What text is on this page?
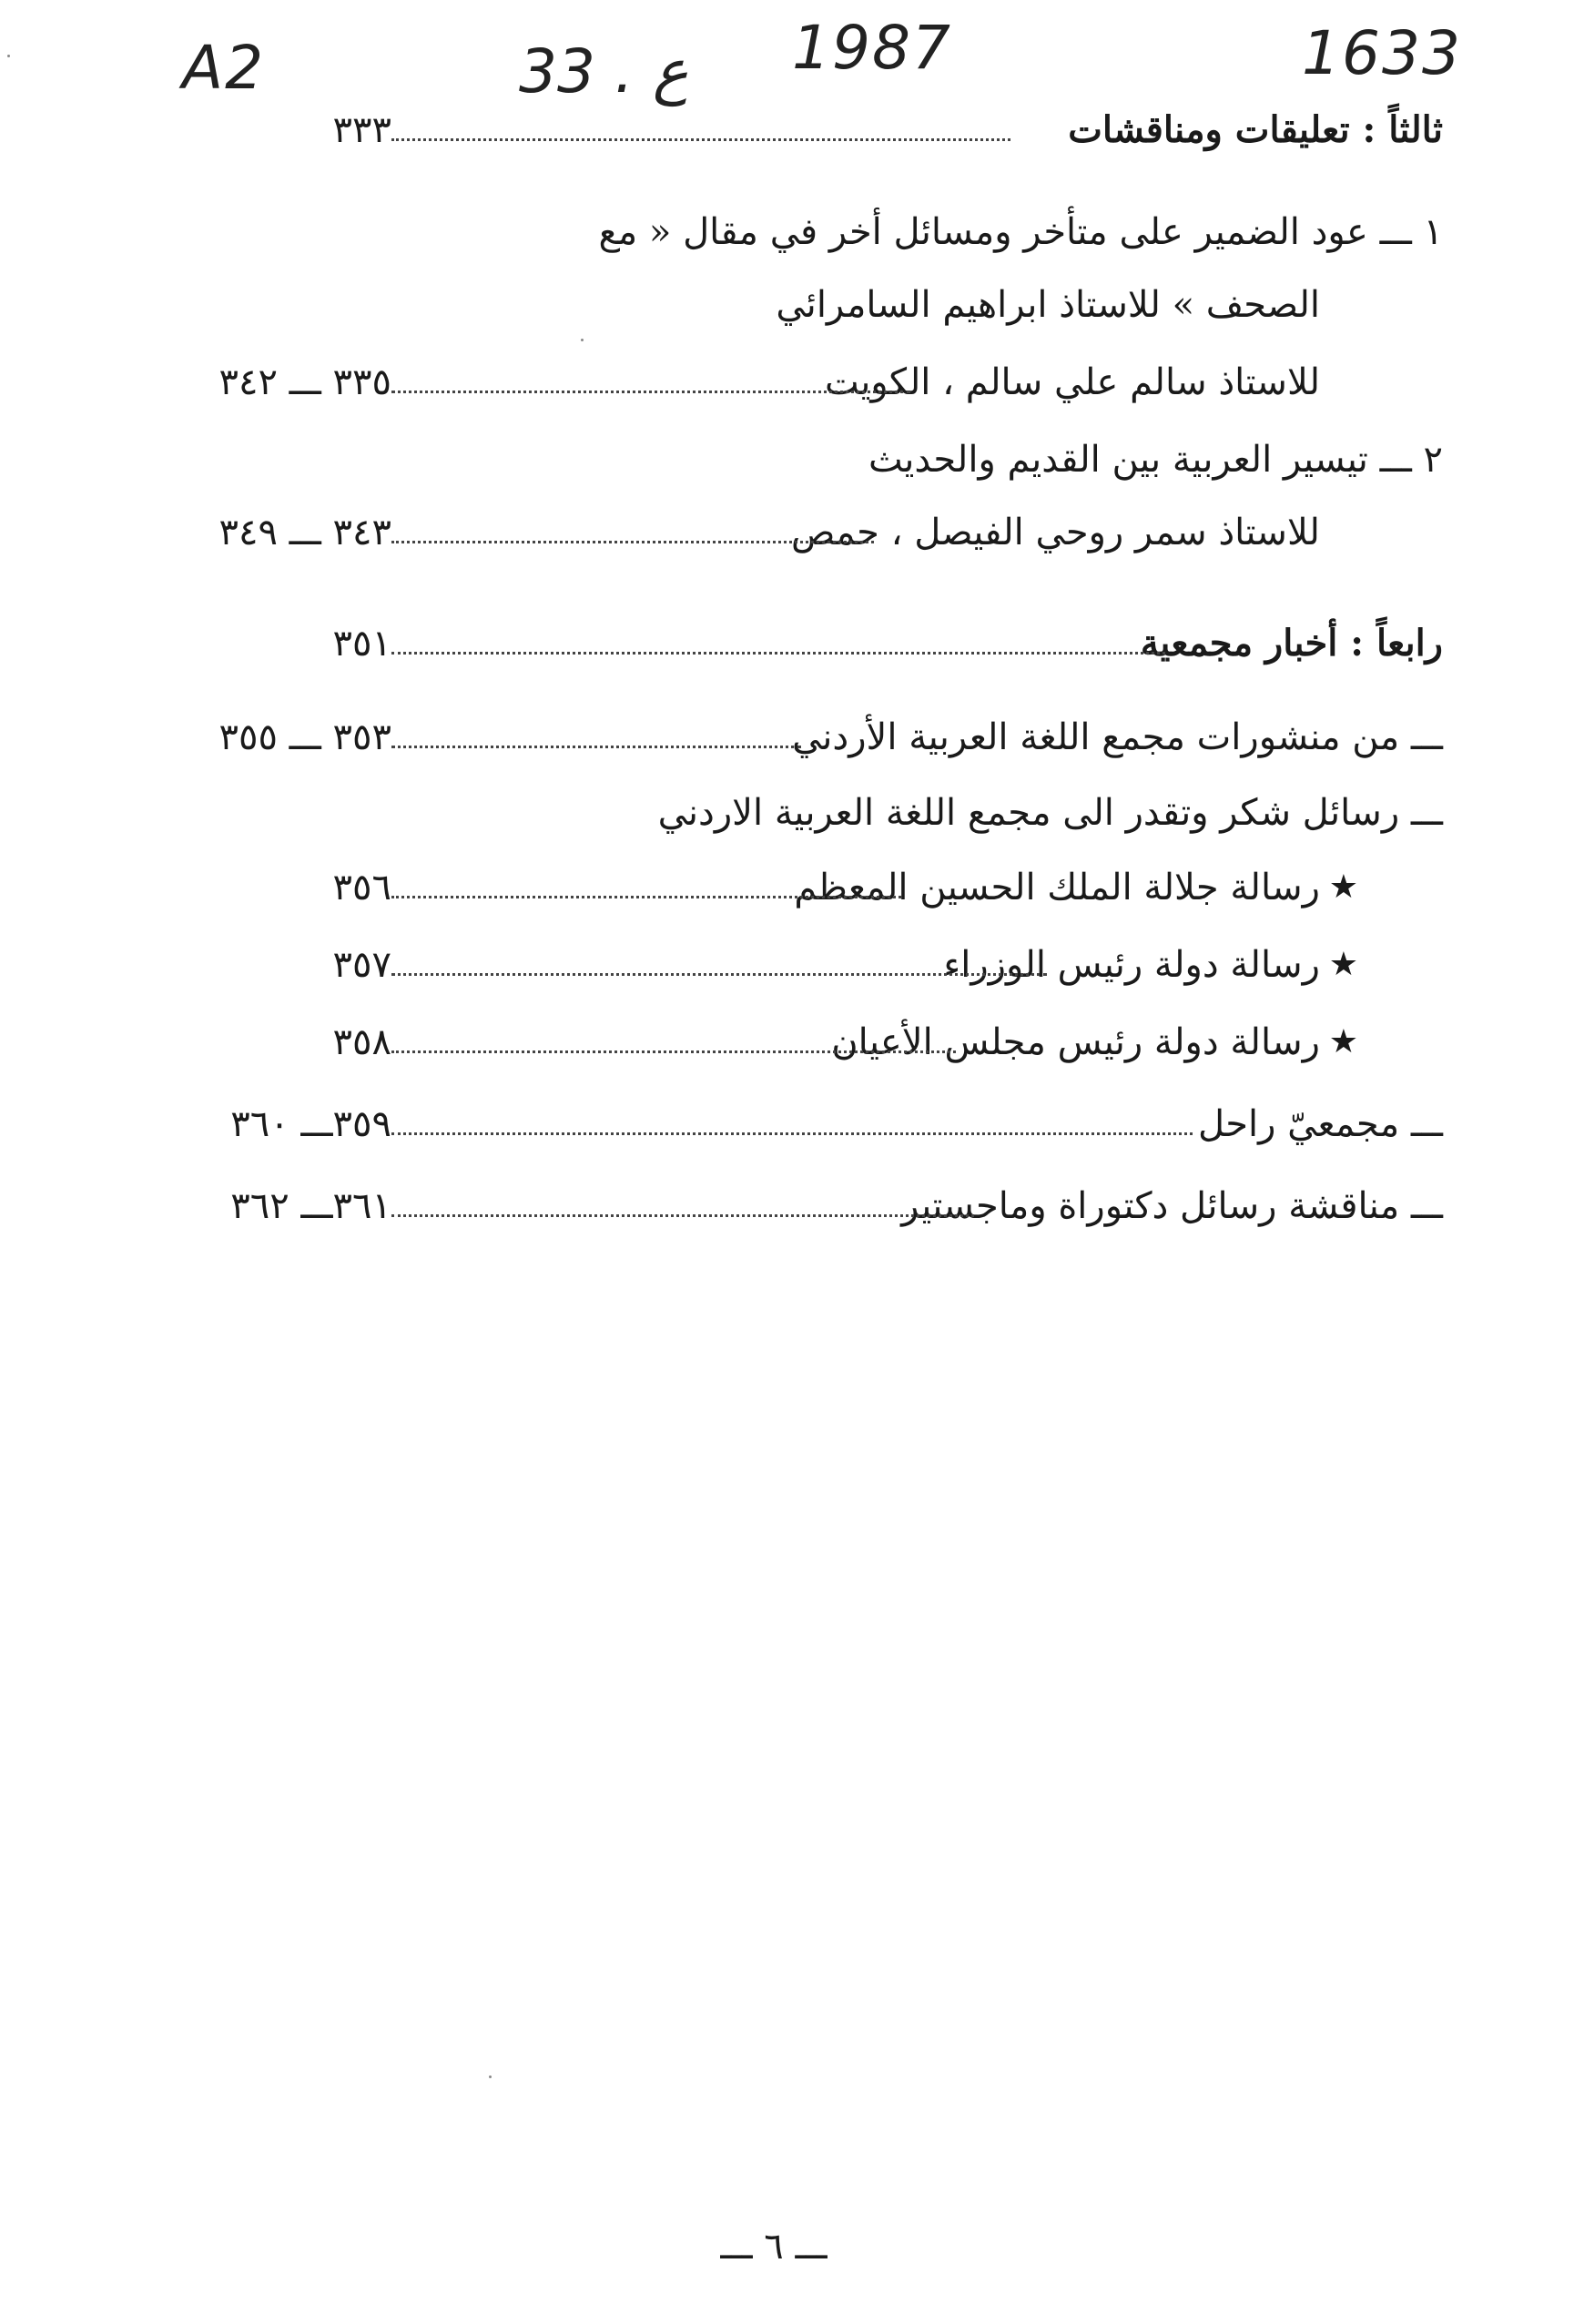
A2	33 . ع 1987	1633
ثالثاً : تعليقات ومناقشات
٣٣٣
١ ـــ عود الضمير على متأخر ومسائل أخر في مقال « مع
الصحف » للاستاذ ابراهيم السامرائي
للاستاذ سالم علي سالم ، الكويت
٣٣٥ ـــ ٣٤٢
٢ ـــ تيسير العربية بين القديم والحديث
للاستاذ سمر روحي الفيصل ، حمص
٣٤٣ ـــ ٣٤٩
رابعاً : أخبار مجمعية
٣٥١
ـــ من منشورات مجمع اللغة العربية الأردني
٣٥٣ ـــ ٣٥٥
ـــ رسائل شكر وتقدر الى مجمع اللغة العربية الاردني
رسالة جلالة الملك الحسين المعظم ★
٣٥٦
رسالة دولة رئيس الوزراء ★
٣٥٧
رسالة دولة رئيس مجلس الأعيان ★
٣٥٨
ـــ مجمعيّ راحل
٣٥٩ـــ ٣٦٠
ـــ مناقشة رسائل دكتوراة وماجستير
٣٦١ـــ ٣٦٢
ـــ ٦ ـــ
